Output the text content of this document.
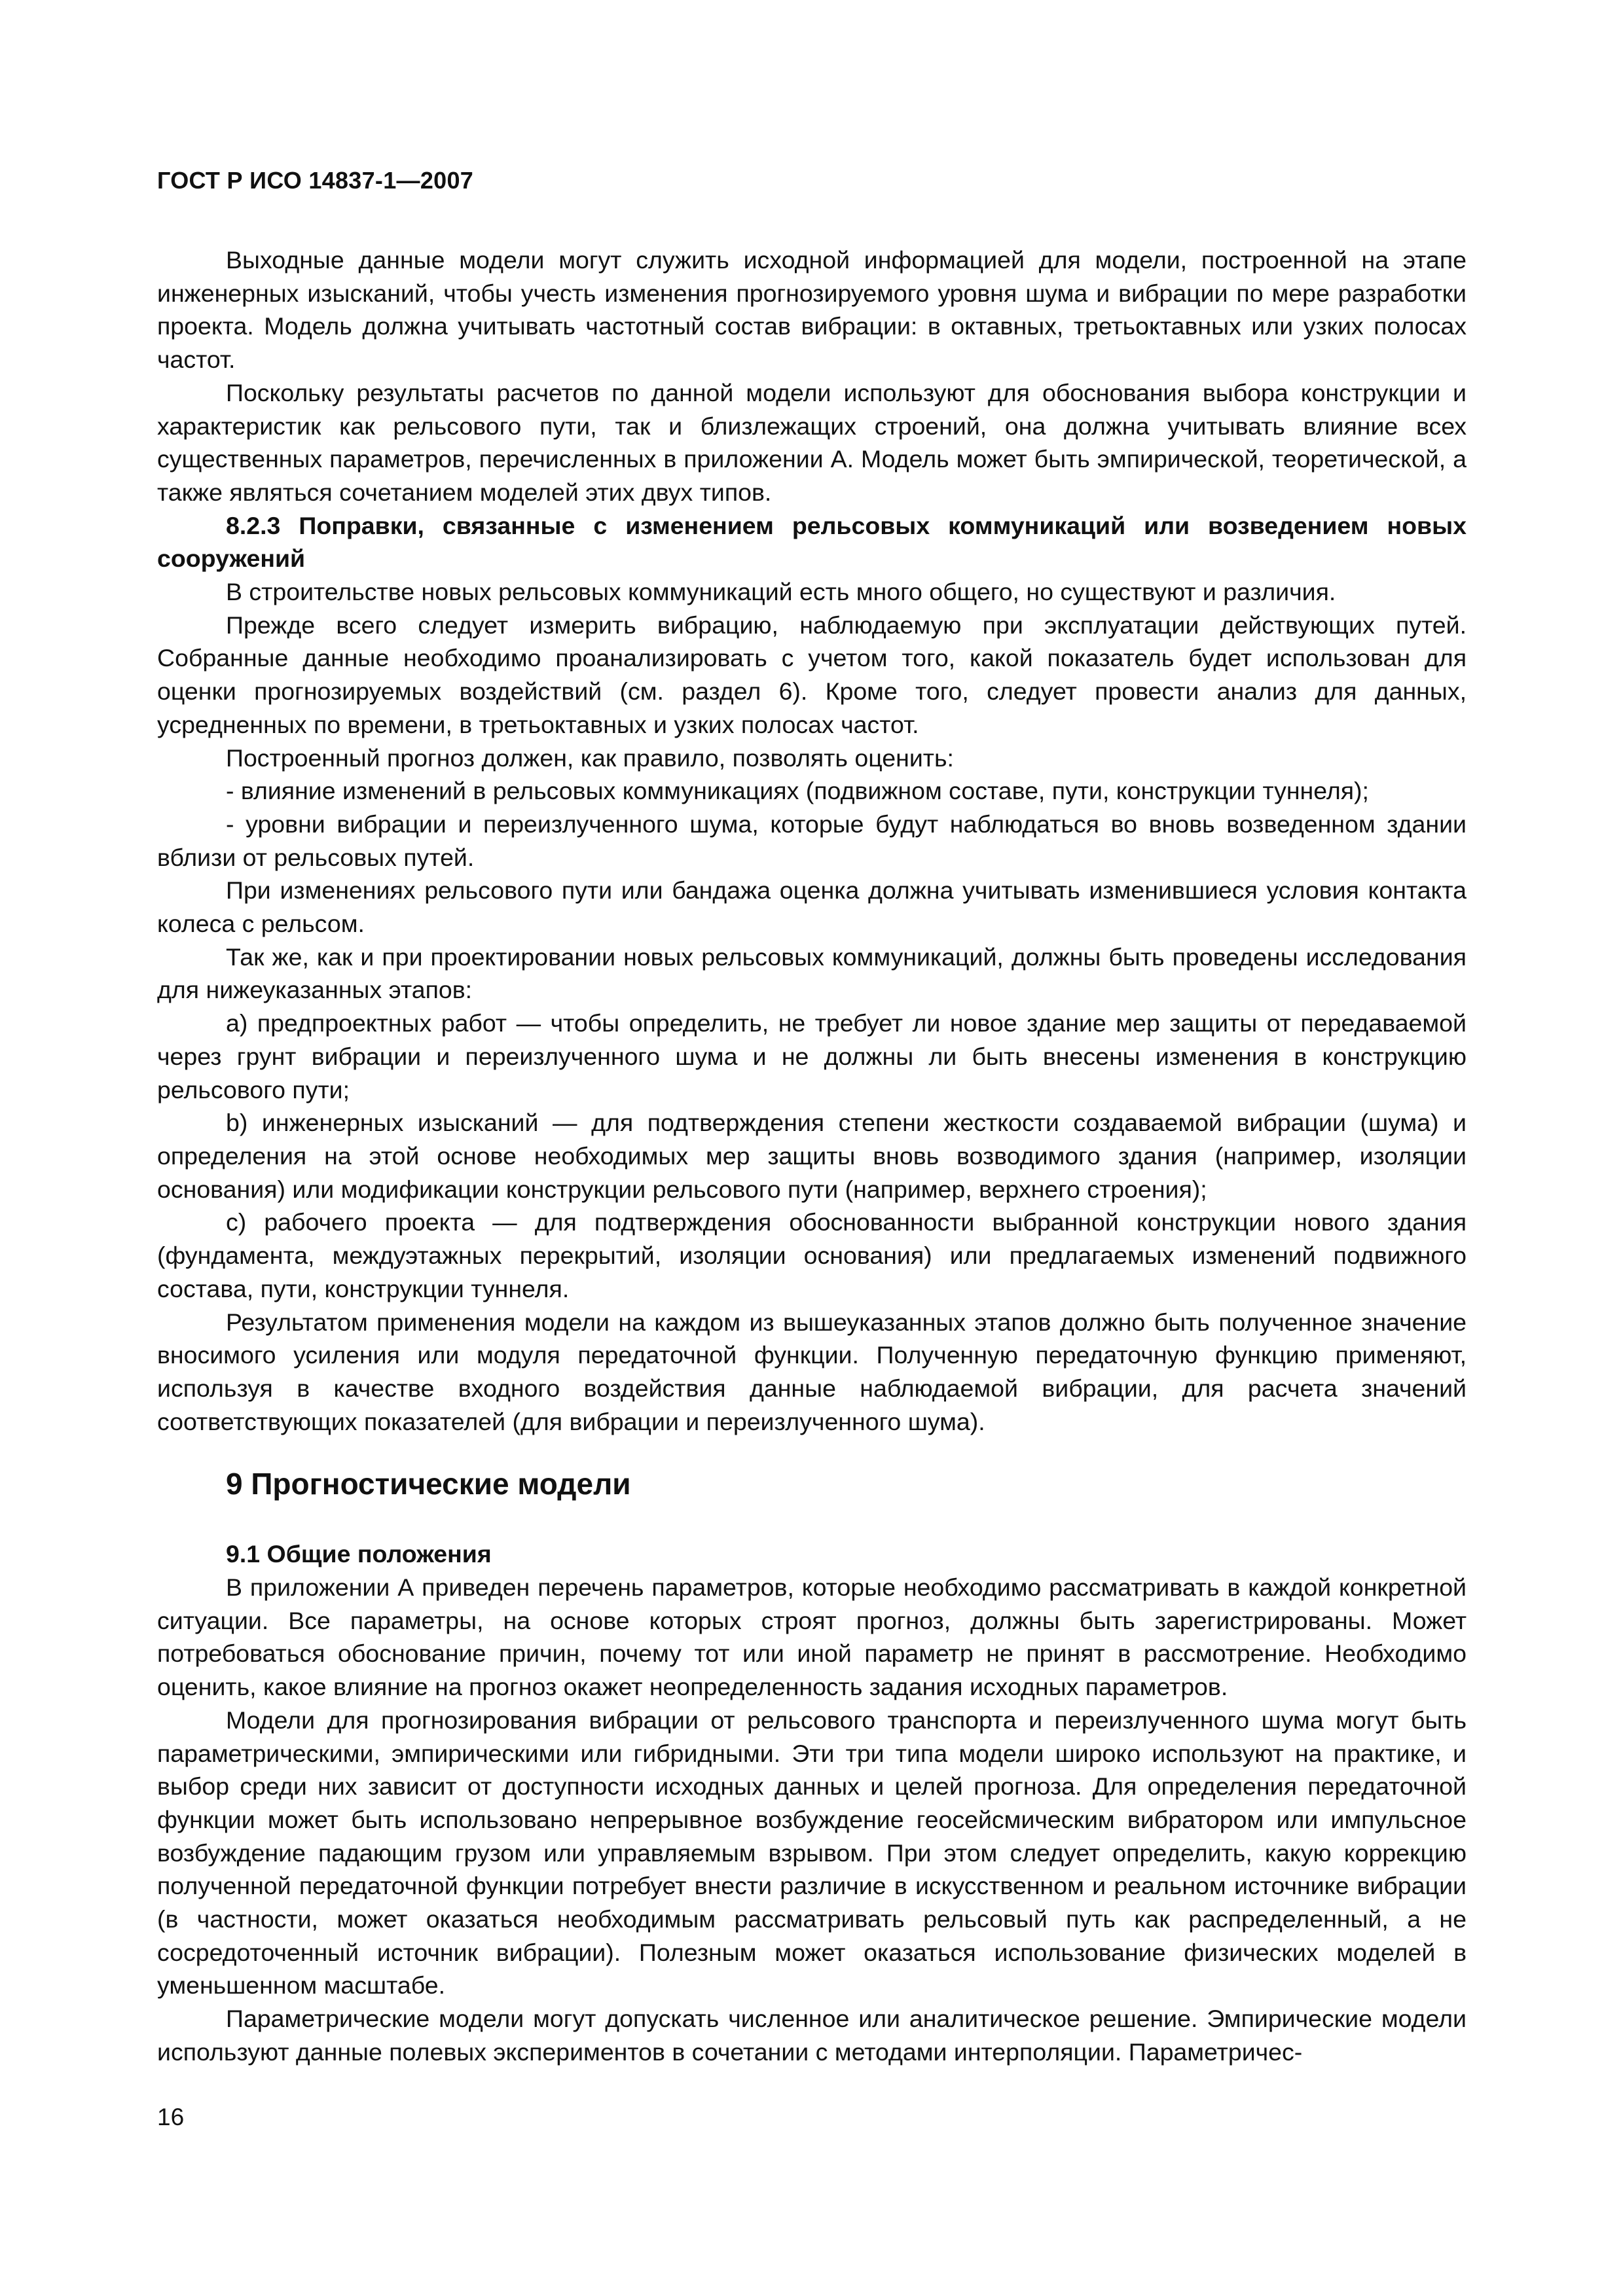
ГОСТ Р ИСО 14837-1—2007

Выходные данные модели могут служить исходной информацией для модели, построенной на этапе инженерных изысканий, чтобы учесть изменения прогнозируемого уровня шума и вибрации по мере разработки проекта. Модель должна учитывать частотный состав вибрации: в октавных, третьоктавных или узких полосах частот.

Поскольку результаты расчетов по данной модели используют для обоснования выбора конструкции и характеристик как рельсового пути, так и близлежащих строений, она должна учитывать влияние всех существенных параметров, перечисленных в приложении А. Модель может быть эмпирической, теоретической, а также являться сочетанием моделей этих двух типов.

8.2.3 Поправки, связанные с изменением рельсовых коммуникаций или возведением новых сооружений

В строительстве новых рельсовых коммуникаций есть много общего, но существуют и различия.

Прежде всего следует измерить вибрацию, наблюдаемую при эксплуатации действующих путей. Собранные данные необходимо проанализировать с учетом того, какой показатель будет использован для оценки прогнозируемых воздействий (см. раздел 6). Кроме того, следует провести анализ для данных, усредненных по времени, в третьоктавных и узких полосах частот.

Построенный прогноз должен, как правило, позволять оценить:

- влияние изменений в рельсовых коммуникациях (подвижном составе, пути, конструкции туннеля);

- уровни вибрации и переизлученного шума, которые будут наблюдаться во вновь возведенном здании вблизи от рельсовых путей.

При изменениях рельсового пути или бандажа оценка должна учитывать изменившиеся условия контакта колеса с рельсом.

Так же, как и при проектировании новых рельсовых коммуникаций, должны быть проведены исследования для нижеуказанных этапов:

a) предпроектных работ — чтобы определить, не требует ли новое здание мер защиты от передаваемой через грунт вибрации и переизлученного шума и не должны ли быть внесены изменения в конструкцию рельсового пути;

b) инженерных изысканий — для подтверждения степени жесткости создаваемой вибрации (шума) и определения на этой основе необходимых мер защиты вновь возводимого здания (например, изоляции основания) или модификации конструкции рельсового пути (например, верхнего строения);

c) рабочего проекта — для подтверждения обоснованности выбранной конструкции нового здания (фундамента, междуэтажных перекрытий, изоляции основания) или предлагаемых изменений подвижного состава, пути, конструкции туннеля.

Результатом применения модели на каждом из вышеуказанных этапов должно быть полученное значение вносимого усиления или модуля передаточной функции. Полученную передаточную функцию применяют, используя в качестве входного воздействия данные наблюдаемой вибрации, для расчета значений соответствующих показателей (для вибрации и переизлученного шума).

9 Прогностические модели

9.1 Общие положения

В приложении А приведен перечень параметров, которые необходимо рассматривать в каждой конкретной ситуации. Все параметры, на основе которых строят прогноз, должны быть зарегистрированы. Может потребоваться обоснование причин, почему тот или иной параметр не принят в рассмотрение. Необходимо оценить, какое влияние на прогноз окажет неопределенность задания исходных параметров.

Модели для прогнозирования вибрации от рельсового транспорта и переизлученного шума могут быть параметрическими, эмпирическими или гибридными. Эти три типа модели широко используют на практике, и выбор среди них зависит от доступности исходных данных и целей прогноза. Для определения передаточной функции может быть использовано непрерывное возбуждение геосейсмическим вибратором или импульсное возбуждение падающим грузом или управляемым взрывом. При этом следует определить, какую коррекцию полученной передаточной функции потребует внести различие в искусственном и реальном источнике вибрации (в частности, может оказаться необходимым рассматривать рельсовый путь как распределенный, а не сосредоточенный источник вибрации). Полезным может оказаться использование физических моделей в уменьшенном масштабе.

Параметрические модели могут допускать численное или аналитическое решение. Эмпирические модели используют данные полевых экспериментов в сочетании с методами интерполяции. Параметричес-

16
